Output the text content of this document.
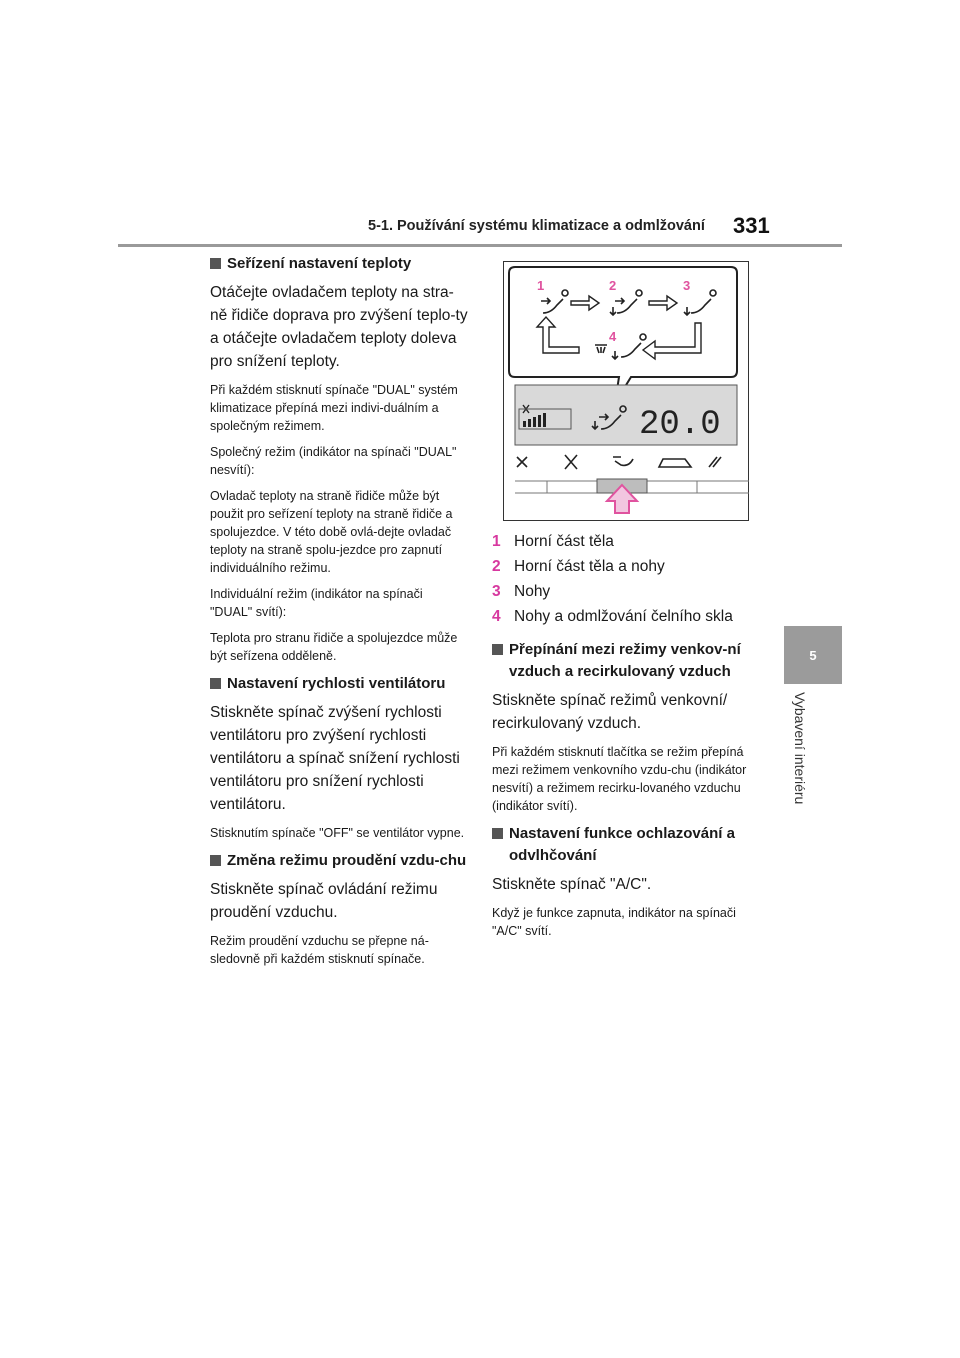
5-1. Používání systému klimatizace a odmlžování 331
5
Vybavení interiéru
Seřízení nastavení teploty

Otáčejte ovladačem teploty na stra-ně řidiče doprava pro zvýšení teplo-ty a otáčejte ovladačem teploty doleva pro snížení teploty.

Při každém stisknutí spínače "DUAL" systém klimatizace přepíná mezi indivi-duálním a společným režimem.

Společný režim (indikátor na spínači "DUAL" nesvítí):

Ovladač teploty na straně řidiče může být použit pro seřízení teploty na straně řidiče a spolujezdce. V této době ovlá-dejte ovladač teploty na straně spolu-jezdce pro zapnutí individuálního režimu.

Individuální režim (indikátor na spínači "DUAL" svítí):

Teplota pro stranu řidiče a spolujezdce může být seřízena odděleně.

Nastavení rychlosti ventilátoru

Stiskněte spínač zvýšení rychlosti ventilátoru pro zvýšení rychlosti ventilátoru a spínač snížení rychlosti ventilátoru pro snížení rychlosti ventilátoru.

Stisknutím spínače "OFF" se ventilátor vypne.

Změna režimu proudění vzdu-chu

Stiskněte spínač ovládání režimu proudění vzduchu.

Režim proudění vzduchu se přepne ná-sledovně při každém stisknutí spínače.

1	2	3
4
20.0
1 Horní část těla
2 Horní část těla a nohy
3 Nohy
4 Nohy a odmlžování čelního skla
Přepínání mezi režimy venkov-ní vzduch a recirkulovaný vzduch

Stiskněte spínač režimů venkovní/ recirkulovaný vzduch.

Při každém stisknutí tlačítka se režim přepíná mezi režimem venkovního vzdu-chu (indikátor nesvítí) a režimem recirku-lovaného vzduchu (indikátor svítí).

Nastavení funkce ochlazování a odvlhčování

Stiskněte spínač "A/C".

Když je funkce zapnuta, indikátor na spínači "A/C" svítí.
